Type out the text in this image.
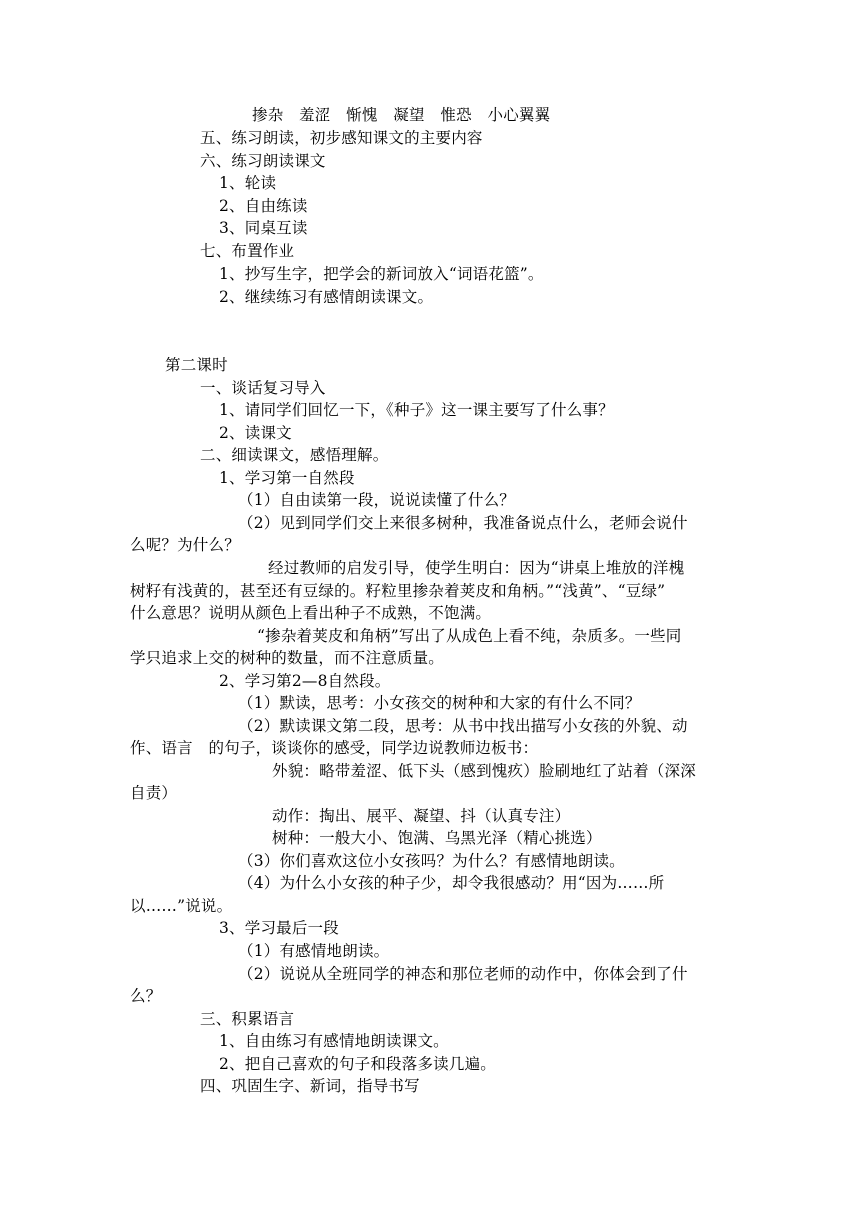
掺杂　羞涩　惭愧　凝望　惟恐　小心翼翼
五、练习朗读，初步感知课文的主要内容
六、练习朗读课文
1、轮读
2、自由练读
3、同桌互读
七、布置作业
1、抄写生字，把学会的新词放入“词语花篮”。
2、继续练习有感情朗读课文。
第二课时
一、谈话复习导入
1、请同学们回忆一下，《种子》这一课主要写了什么事？
2、读课文
二、细读课文，感悟理解。
1、学习第一自然段
（1）自由读第一段，说说读懂了什么？
（2）见到同学们交上来很多树种，我准备说点什么，老师会说什
么呢？为什么？
经过教师的启发引导，使学生明白：因为“讲桌上堆放的洋槐
树籽有浅黄的，甚至还有豆绿的。籽粒里掺杂着荚皮和角柄。”“浅黄”、“豆绿”
什么意思？说明从颜色上看出种子不成熟，不饱满。
“掺杂着荚皮和角柄”写出了从成色上看不纯，杂质多。一些同
学只追求上交的树种的数量，而不注意质量。
2、学习第2—8自然段。
（1）默读，思考：小女孩交的树种和大家的有什么不同？
（2）默读课文第二段，思考：从书中找出描写小女孩的外貌、动
作、语言　的句子，谈谈你的感受，同学边说教师边板书：
外貌：略带羞涩、低下头（感到愧疚）脸刷地红了站着（深深
自责）
动作：掏出、展平、凝望、抖（认真专注）
树种：一般大小、饱满、乌黑光泽（精心挑选）
（3）你们喜欢这位小女孩吗？为什么？有感情地朗读。
（4）为什么小女孩的种子少，却令我很感动？用“因为……所
以……”说说。
3、学习最后一段
（1）有感情地朗读。
（2）说说从全班同学的神态和那位老师的动作中，你体会到了什
么？
三、积累语言
1、自由练习有感情地朗读课文。
2、把自己喜欢的句子和段落多读几遍。
四、巩固生字、新词，指导书写
